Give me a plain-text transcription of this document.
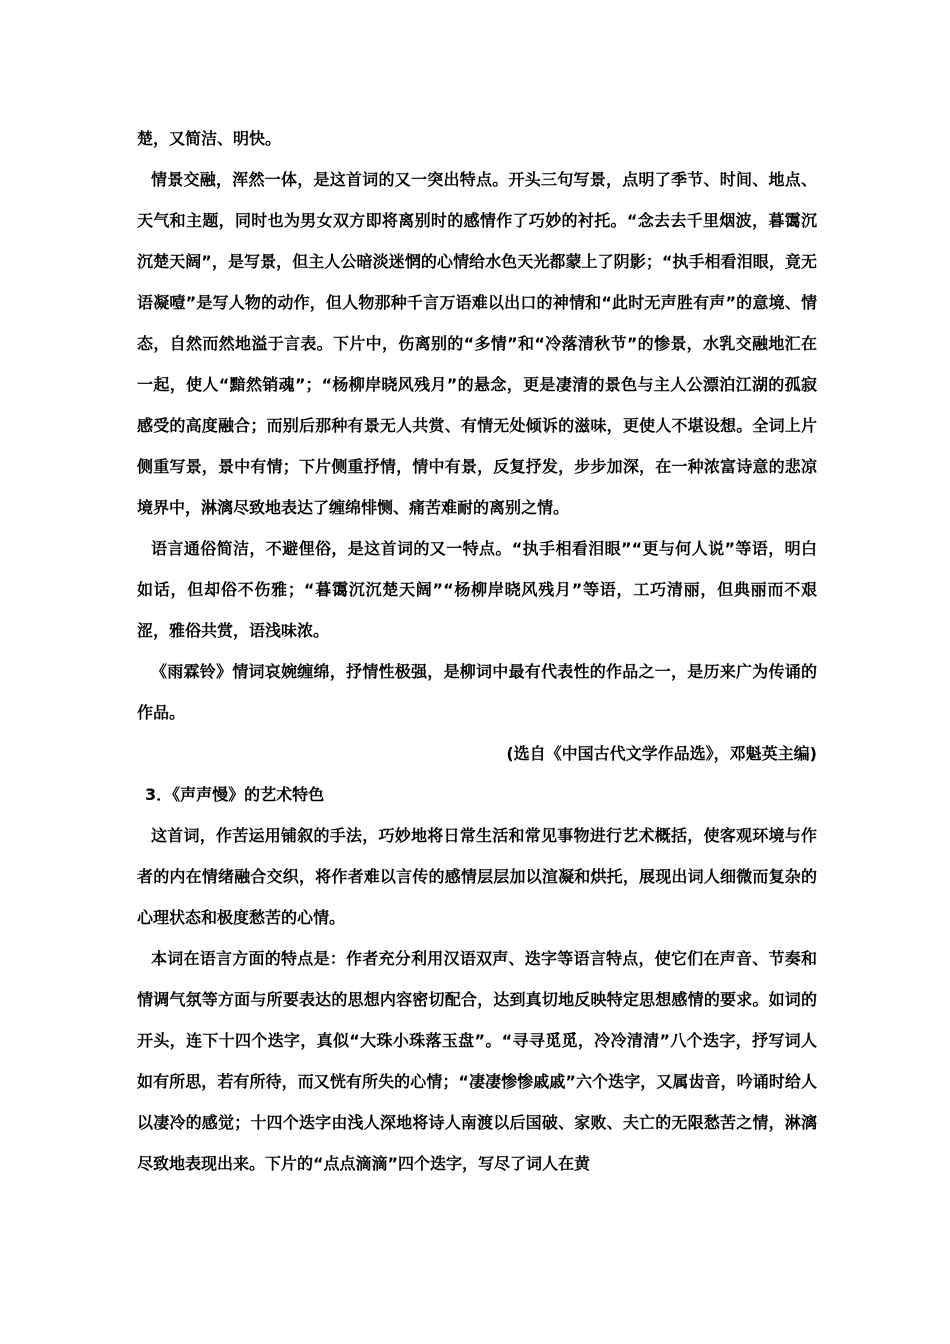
楚，又简洁、明快。

情景交融，浑然一体，是这首词的又一突出特点。开头三句写景，点明了季节、时间、地点、天气和主题，同时也为男女双方即将离别时的感情作了巧妙的衬托。“念去去千里烟波，暮霭沉沉楚天阔”，是写景，但主人公暗淡迷惘的心情给水色天光都蒙上了阴影；“执手相看泪眼，竟无语凝噎”是写人物的动作，但人物那种千言万语难以出口的神情和“此时无声胜有声”的意境、情态，自然而然地溢于言表。下片中，伤离别的“多情”和“冷落清秋节”的惨景，水乳交融地汇在一起，使人“黯然销魂”；“杨柳岸晓风残月”的悬念，更是凄清的景色与主人公漂泊江湖的孤寂感受的高度融合；而别后那种有景无人共赏、有情无处倾诉的滋味，更使人不堪设想。全词上片侧重写景，景中有情；下片侧重抒情，情中有景，反复抒发，步步加深，在一种浓富诗意的悲凉境界中，淋漓尽致地表达了缠绵悱恻、痛苦难耐的离别之情。

语言通俗简洁，不避俚俗，是这首词的又一特点。“执手相看泪眼”“更与何人说”等语，明白如话，但却俗不伤雅；“暮霭沉沉楚天阔”“杨柳岸晓风残月”等语，工巧清丽，但典丽而不艰涩，雅俗共赏，语浅味浓。

《雨霖铃》情词哀婉缠绵，抒情性极强，是柳词中最有代表性的作品之一，是历来广为传诵的作品。

(选自《中国古代文学作品选》，邓魁英主编)

3．《声声慢》的艺术特色

这首词，作苦运用铺叙的手法，巧妙地将日常生活和常见事物进行艺术概括，使客观环境与作者的内在情绪融合交织，将作者难以言传的感情层层加以渲凝和烘托，展现出词人细微而复杂的心理状态和极度愁苦的心情。

本词在语言方面的特点是：作者充分利用汉语双声、迭字等语言特点，使它们在声音、节奏和情调气氛等方面与所要表达的思想内容密切配合，达到真切地反映特定思想感情的要求。如词的开头，连下十四个迭字，真似“大珠小珠落玉盘”。“寻寻觅觅，冷冷清清”八个迭字，抒写词人如有所思，若有所待，而又恍有所失的心情；“凄凄惨惨戚戚”六个迭字，又属齿音，吟诵时给人以凄冷的感觉；十四个迭字由浅人深地将诗人南渡以后国破、家败、夫亡的无限愁苦之情，淋漓尽致地表现出来。下片的“点点滴滴”四个迭字，写尽了词人在黄
